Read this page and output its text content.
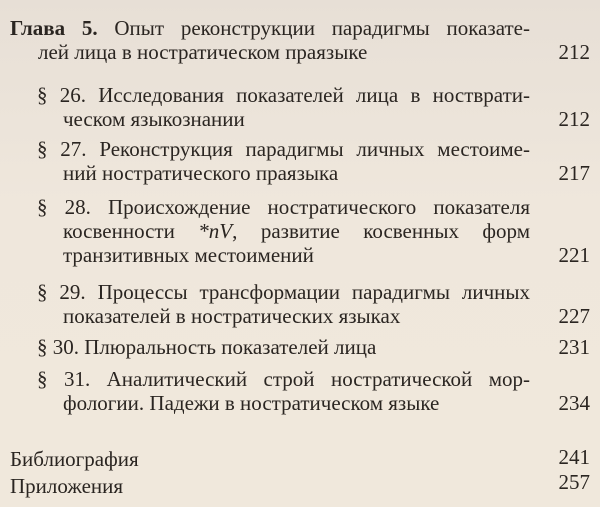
Глава 5. Опыт реконструкции парадигмы показате-
лей лица в ностратическом праязыке	212
§ 26. Исследования показателей лица в ностврати-
ческом языкознании	212
§ 27. Реконструкция парадигмы личных местоиме-
ний ностратического праязыка	217
§ 28. Происхождение ностратического показателя
косвенности *nV, развитие косвенных форм
транзитивных местоимений	221
§ 29. Процессы трансформации парадигмы личных
показателей в ностратических языках	227
§ 30. Плюральность показателей лица	231
§ 31. Аналитический строй ностратической мор-
фологии. Падежи в ностратическом языке	234
Библиография	241
Приложения	257
